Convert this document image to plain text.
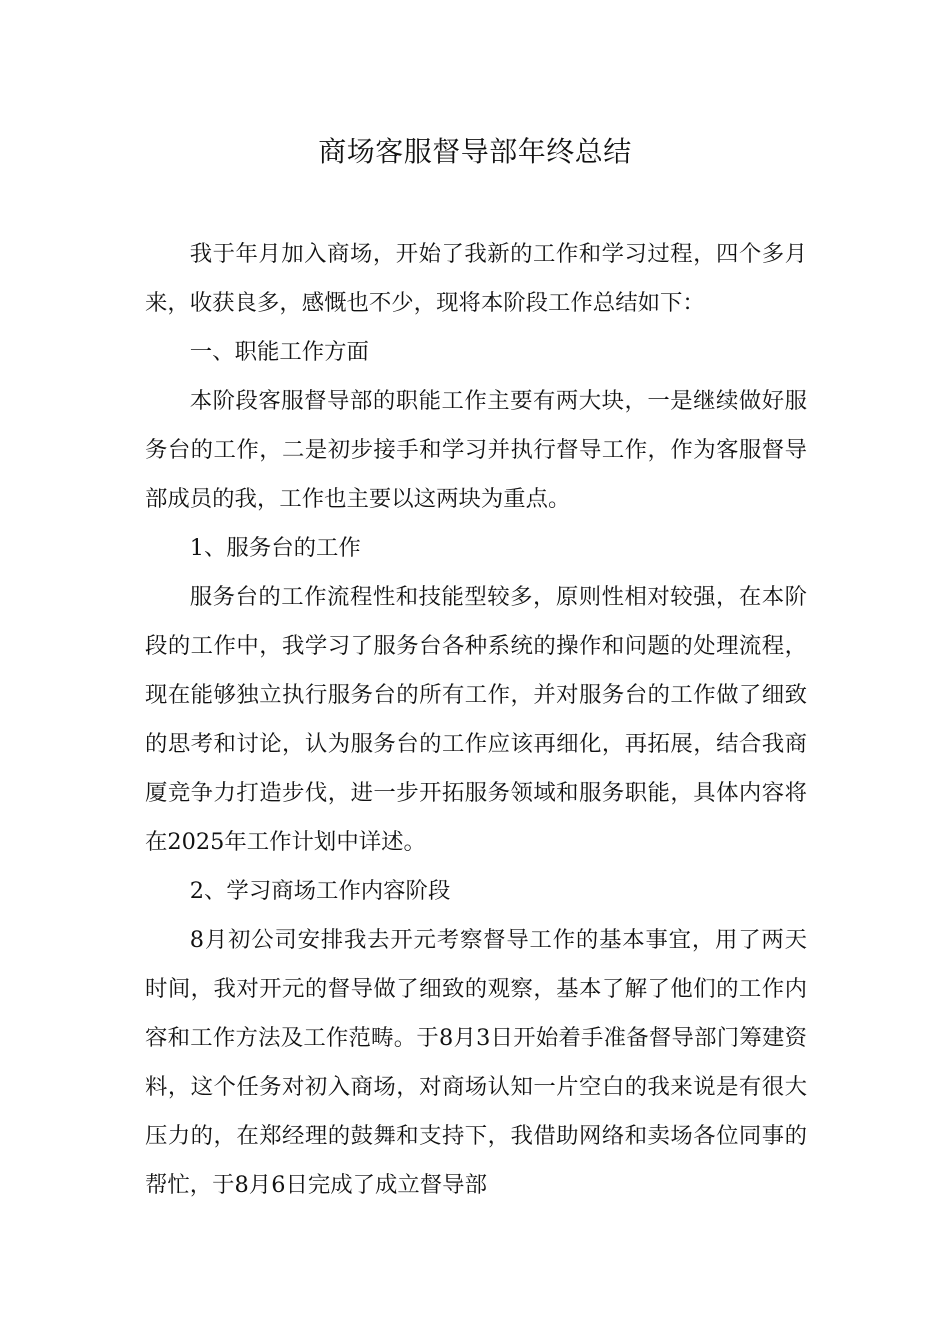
商场客服督导部年终总结

我于年月加入商场，开始了我新的工作和学习过程，四个多月来，收获良多，感慨也不少，现将本阶段工作总结如下：

一、职能工作方面

本阶段客服督导部的职能工作主要有两大块，一是继续做好服务台的工作，二是初步接手和学习并执行督导工作，作为客服督导部成员的我，工作也主要以这两块为重点。

1、服务台的工作

服务台的工作流程性和技能型较多，原则性相对较强，在本阶段的工作中，我学习了服务台各种系统的操作和问题的处理流程，现在能够独立执行服务台的所有工作，并对服务台的工作做了细致的思考和讨论，认为服务台的工作应该再细化，再拓展，结合我商厦竞争力打造步伐，进一步开拓服务领域和服务职能，具体内容将在2025年工作计划中详述。

2、学习商场工作内容阶段

8月初公司安排我去开元考察督导工作的基本事宜，用了两天时间，我对开元的督导做了细致的观察，基本了解了他们的工作内容和工作方法及工作范畴。于8月3日开始着手准备督导部门筹建资料，这个任务对初入商场，对商场认知一片空白的我来说是有很大压力的，在郑经理的鼓舞和支持下，我借助网络和卖场各位同事的帮忙，于8月6日完成了成立督导部
